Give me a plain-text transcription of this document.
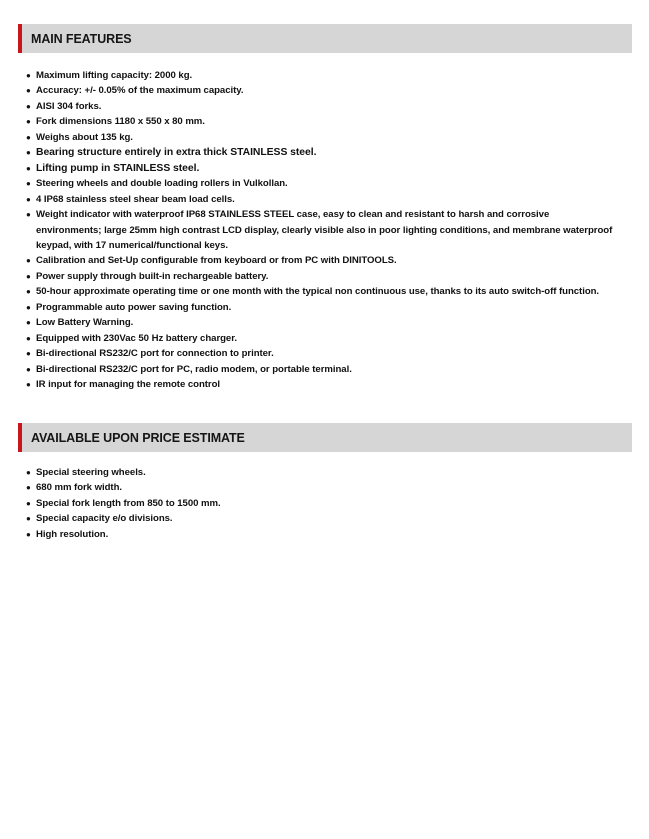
MAIN FEATURES
● Maximum lifting capacity: 2000 kg.
● Accuracy: +/- 0.05% of the maximum capacity.
● AISI 304 forks.
● Fork dimensions 1180 x 550 x 80 mm.
● Weighs about 135 kg.
● Bearing structure entirely in extra thick STAINLESS steel.
● Lifting pump in STAINLESS steel.
● Steering wheels and double loading rollers in Vulkollan.
● 4 IP68 stainless steel shear beam load cells.
● Weight indicator with waterproof IP68 STAINLESS STEEL case, easy to clean and resistant to harsh and corrosive environments; large 25mm high contrast LCD display, clearly visible also in poor lighting conditions, and membrane waterproof keypad, with 17 numerical/functional keys.
● Calibration and Set-Up configurable from keyboard or from PC with DINITOOLS.
● Power supply through built-in rechargeable battery.
● 50-hour approximate operating time or one month with the typical non continuous use, thanks to its auto switch-off function.
● Programmable auto power saving function.
● Low Battery Warning.
● Equipped with 230Vac 50 Hz battery charger.
● Bi-directional RS232/C port for connection to printer.
● Bi-directional RS232/C port for PC, radio modem, or portable terminal.
● IR input for managing the remote control
AVAILABLE UPON PRICE ESTIMATE
● Special steering wheels.
● 680 mm fork width.
● Special fork length from 850 to 1500 mm.
● Special capacity e/o divisions.
● High resolution.
